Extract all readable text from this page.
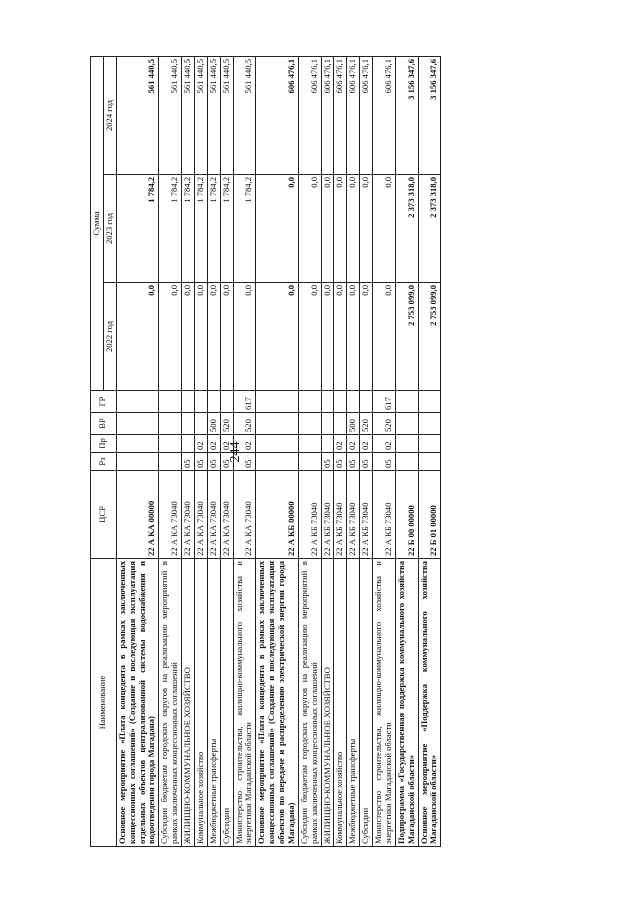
244
Наименование	ЦСР	Рз	Пр	ВР	ГР	Сумма		
						2022 год	2023 год	2024 год
Основное мероприятие «Плата концедента в рамках заключенных концессионных соглашений» (Создание и последующая эксплуатация отдельных объектов централизованной системы водоснабжения и водоотведения города Магадана)	22 А КА 00000					0,0	1 784,2	561 440,5
Субсидии бюджетам городских округов на реализацию мероприятий в рамках заключенных концессионных соглашений	22 А КА 73040					0,0	1 784,2	561 440,5
ЖИЛИЩНО-КОММУНАЛЬНОЕ ХОЗЯЙСТВО	22 А КА 73040	05				0,0	1 784,2	561 440,5
Коммунальное хозяйство	22 А КА 73040	05	02			0,0	1 784,2	561 440,5
Межбюджетные трансферты	22 А КА 73040	05	02	500		0,0	1 784,2	561 440,5
Субсидии	22 А КА 73040	05	02	520		0,0	1 784,2	561 440,5
Министерство строительства, жилищно-коммунального хозяйства и энергетики Магаданской области	22 А КА 73040	05	02	520	617	0,0	1 784,2	561 440,5
Основное мероприятие «Плата концедента в рамках заключенных концессионных соглашений» (Создание и последующая эксплуатация объектов по передаче и распределению электрической энергии города Магадана)	22 А КБ 00000					0,0	0,0	606 476,1
Субсидии бюджетам городских округов на реализацию мероприятий в рамках заключенных концессионных соглашений	22 А КБ 73040					0,0	0,0	606 476,1
ЖИЛИЩНО-КОММУНАЛЬНОЕ ХОЗЯЙСТВО	22 А КБ 73040	05				0,0	0,0	606 476,1
Коммунальное хозяйство	22 А КБ 73040	05	02			0,0	0,0	606 476,1
Межбюджетные трансферты	22 А КБ 73040	05	02	500		0,0	0,0	606 476,1
Субсидии	22 А КБ 73040	05	02	520		0,0	0,0	606 476,1
Министерство строительства, жилищно-коммунального хозяйства и энергетики Магаданской области	22 А КБ 73040	05	02	520	617	0,0	0,0	606 476,1
Подпрограмма «Государственная поддержка коммунального хозяйства Магаданской области»	22 Б 00 00000					2 753 099,0	2 373 318,0	3 156 347,6
Основное мероприятие «Поддержка коммунального хозяйства Магаданской области»	22 Б 01 00000					2 753 099,0	2 373 318,0	3 156 347,6
